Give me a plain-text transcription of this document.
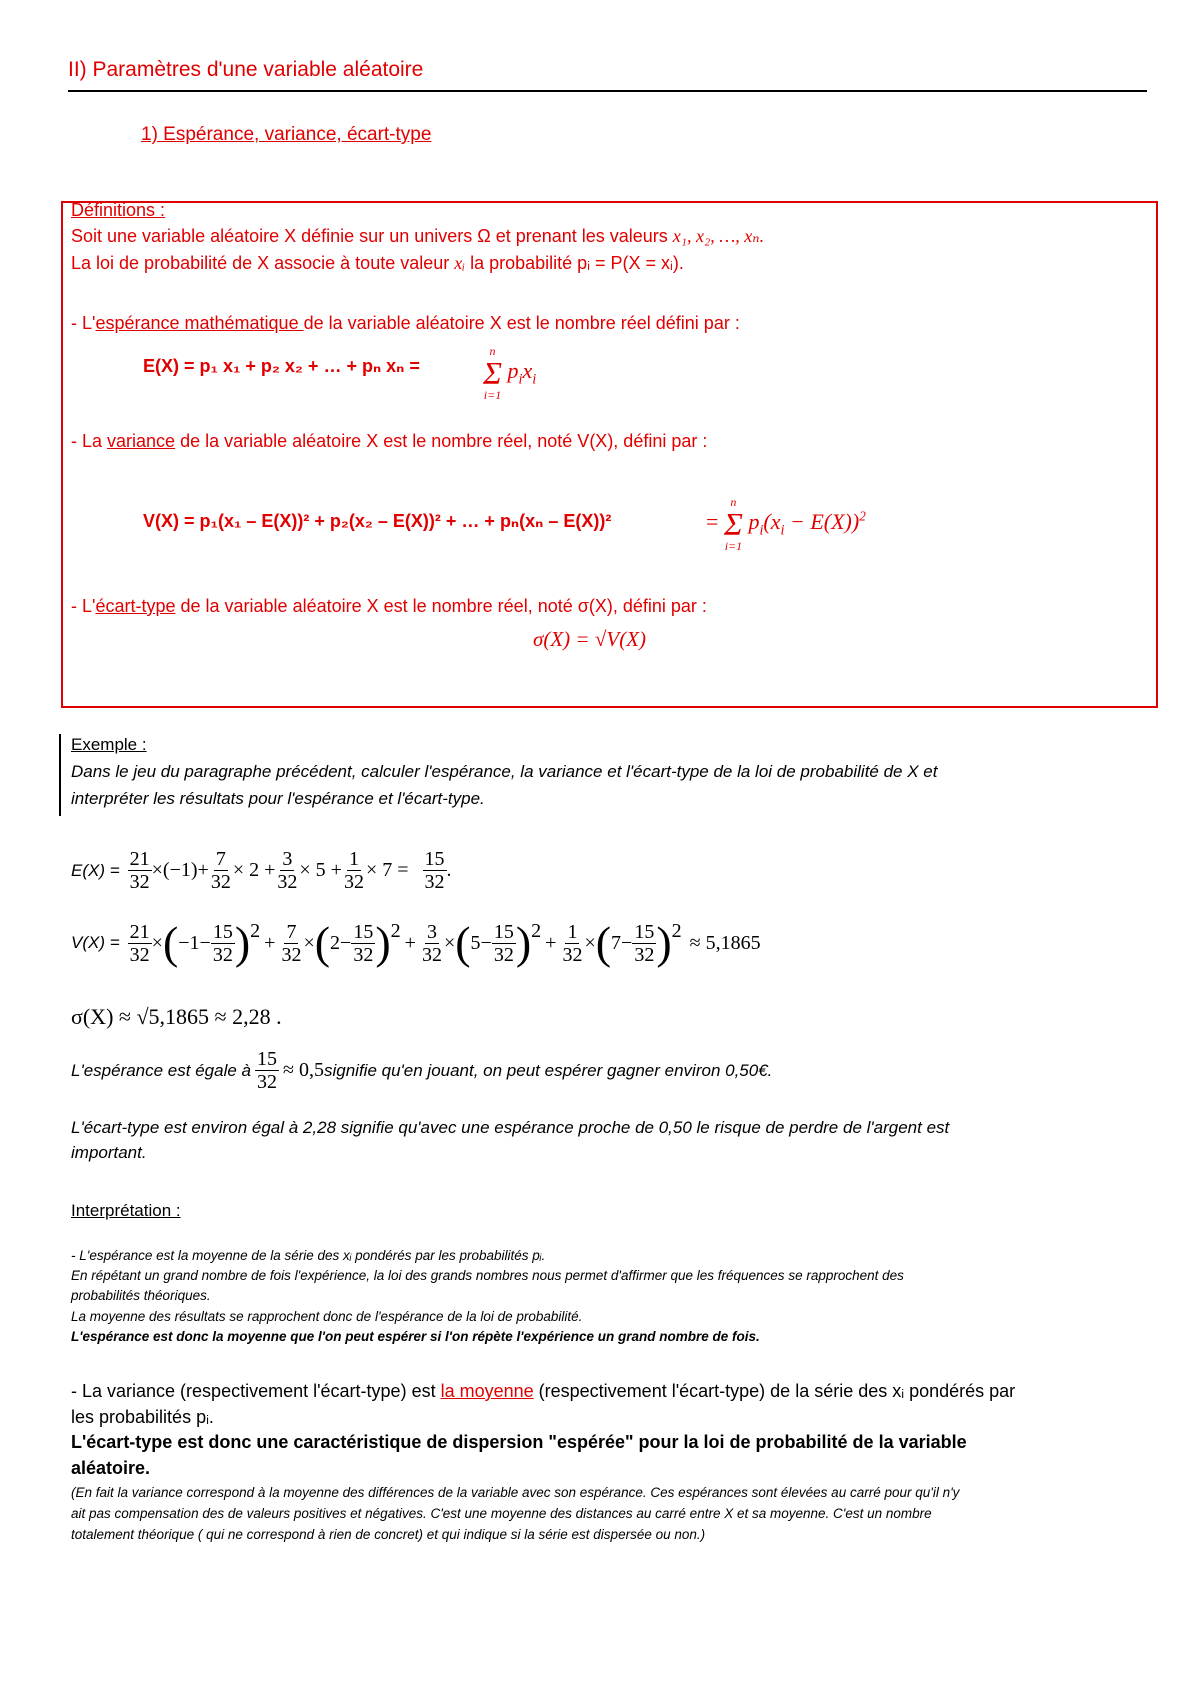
II) Paramètres d'une variable aléatoire
1) Espérance, variance, écart-type
Définitions :
Soit une variable aléatoire X définie sur un univers Ω et prenant les valeurs x₁, x₂, …, xₙ.
La loi de probabilité de X associe à toute valeur xᵢ la probabilité pᵢ = P(X = xᵢ).
- L'espérance mathématique de la variable aléatoire X est le nombre réel défini par :
E(X) = p₁ x₁ + p₂ x₂ + … + pₙ xₙ =
n
Σ
i=1
$p_ix_i$
- La variance de la variable aléatoire X est le nombre réel, noté V(X), défini par :
V(X) = p₁(x₁ – E(X))² + p₂(x₂ – E(X))² + … + pₙ(xₙ – E(X))²	=
n
Σ
i=1
$p_i(x_i - E(X))^2$
- L'écart-type de la variable aléatoire X est le nombre réel, noté σ(X), défini par :
σ(X) = √V(X)
Exemple :
Dans le jeu du paragraphe précédent, calculer l'espérance, la variance et l'écart-type de la loi de probabilité de X et
interpréter les résultats pour l'espérance et l'écart-type.
$E(X) = \frac{21}{32} \times(-1)+ \frac{7}{32} \times 2 + \frac{3}{32} \times 5 + \frac{1}{32} \times 7 = \frac{15}{32}$ .
$V(X) = \frac{21}{32}$ × ( $-1- \frac{15}{32}$ ) 2
+ $\frac{7}{32}$ × ( $2- \frac{15}{32}$ ) 2
+ $\frac{3}{32}$ × ( $5- \frac{15}{32}$ ) 2
+ $\frac{1}{32}$ × ( $7- \frac{15}{32}$ ) 2
≈ 5,1865
σ(X) ≈ √5,1865 ≈ 2,28 .
L'espérance est égale à $\frac{15}{32} \approx 0,5$ signifie qu'en jouant, on peut espérer gagner environ 0,50€.
L'écart-type est environ égal à 2,28 signifie qu'avec une espérance proche de 0,50 le risque de perdre de l'argent est
important.
Interprétation :
- L'espérance est la moyenne de la série des xᵢ pondérés par les probabilités pᵢ.
En répétant un grand nombre de fois l'expérience, la loi des grands nombres nous permet d'affirmer que les fréquences se rapprochent des
probabilités théoriques.
La moyenne des résultats se rapprochent donc de l'espérance de la loi de probabilité.
L'espérance est donc la moyenne que l'on peut espérer si l'on répète l'expérience un grand nombre de fois.
- La variance (respectivement l'écart-type) est la moyenne (respectivement l'écart-type) de la série des xᵢ pondérés par
les probabilités pᵢ.
L'écart-type est donc une caractéristique de dispersion "espérée" pour la loi de probabilité de la variable
aléatoire.
(En fait la variance correspond à la moyenne des différences de la variable avec son espérance. Ces espérances sont élevées au carré pour qu'il n'y
ait pas compensation des de valeurs positives et négatives. C'est une moyenne des distances au carré entre X et sa moyenne. C'est un nombre
totalement théorique ( qui ne correspond à rien de concret) et qui indique si la série est dispersée ou non.)
